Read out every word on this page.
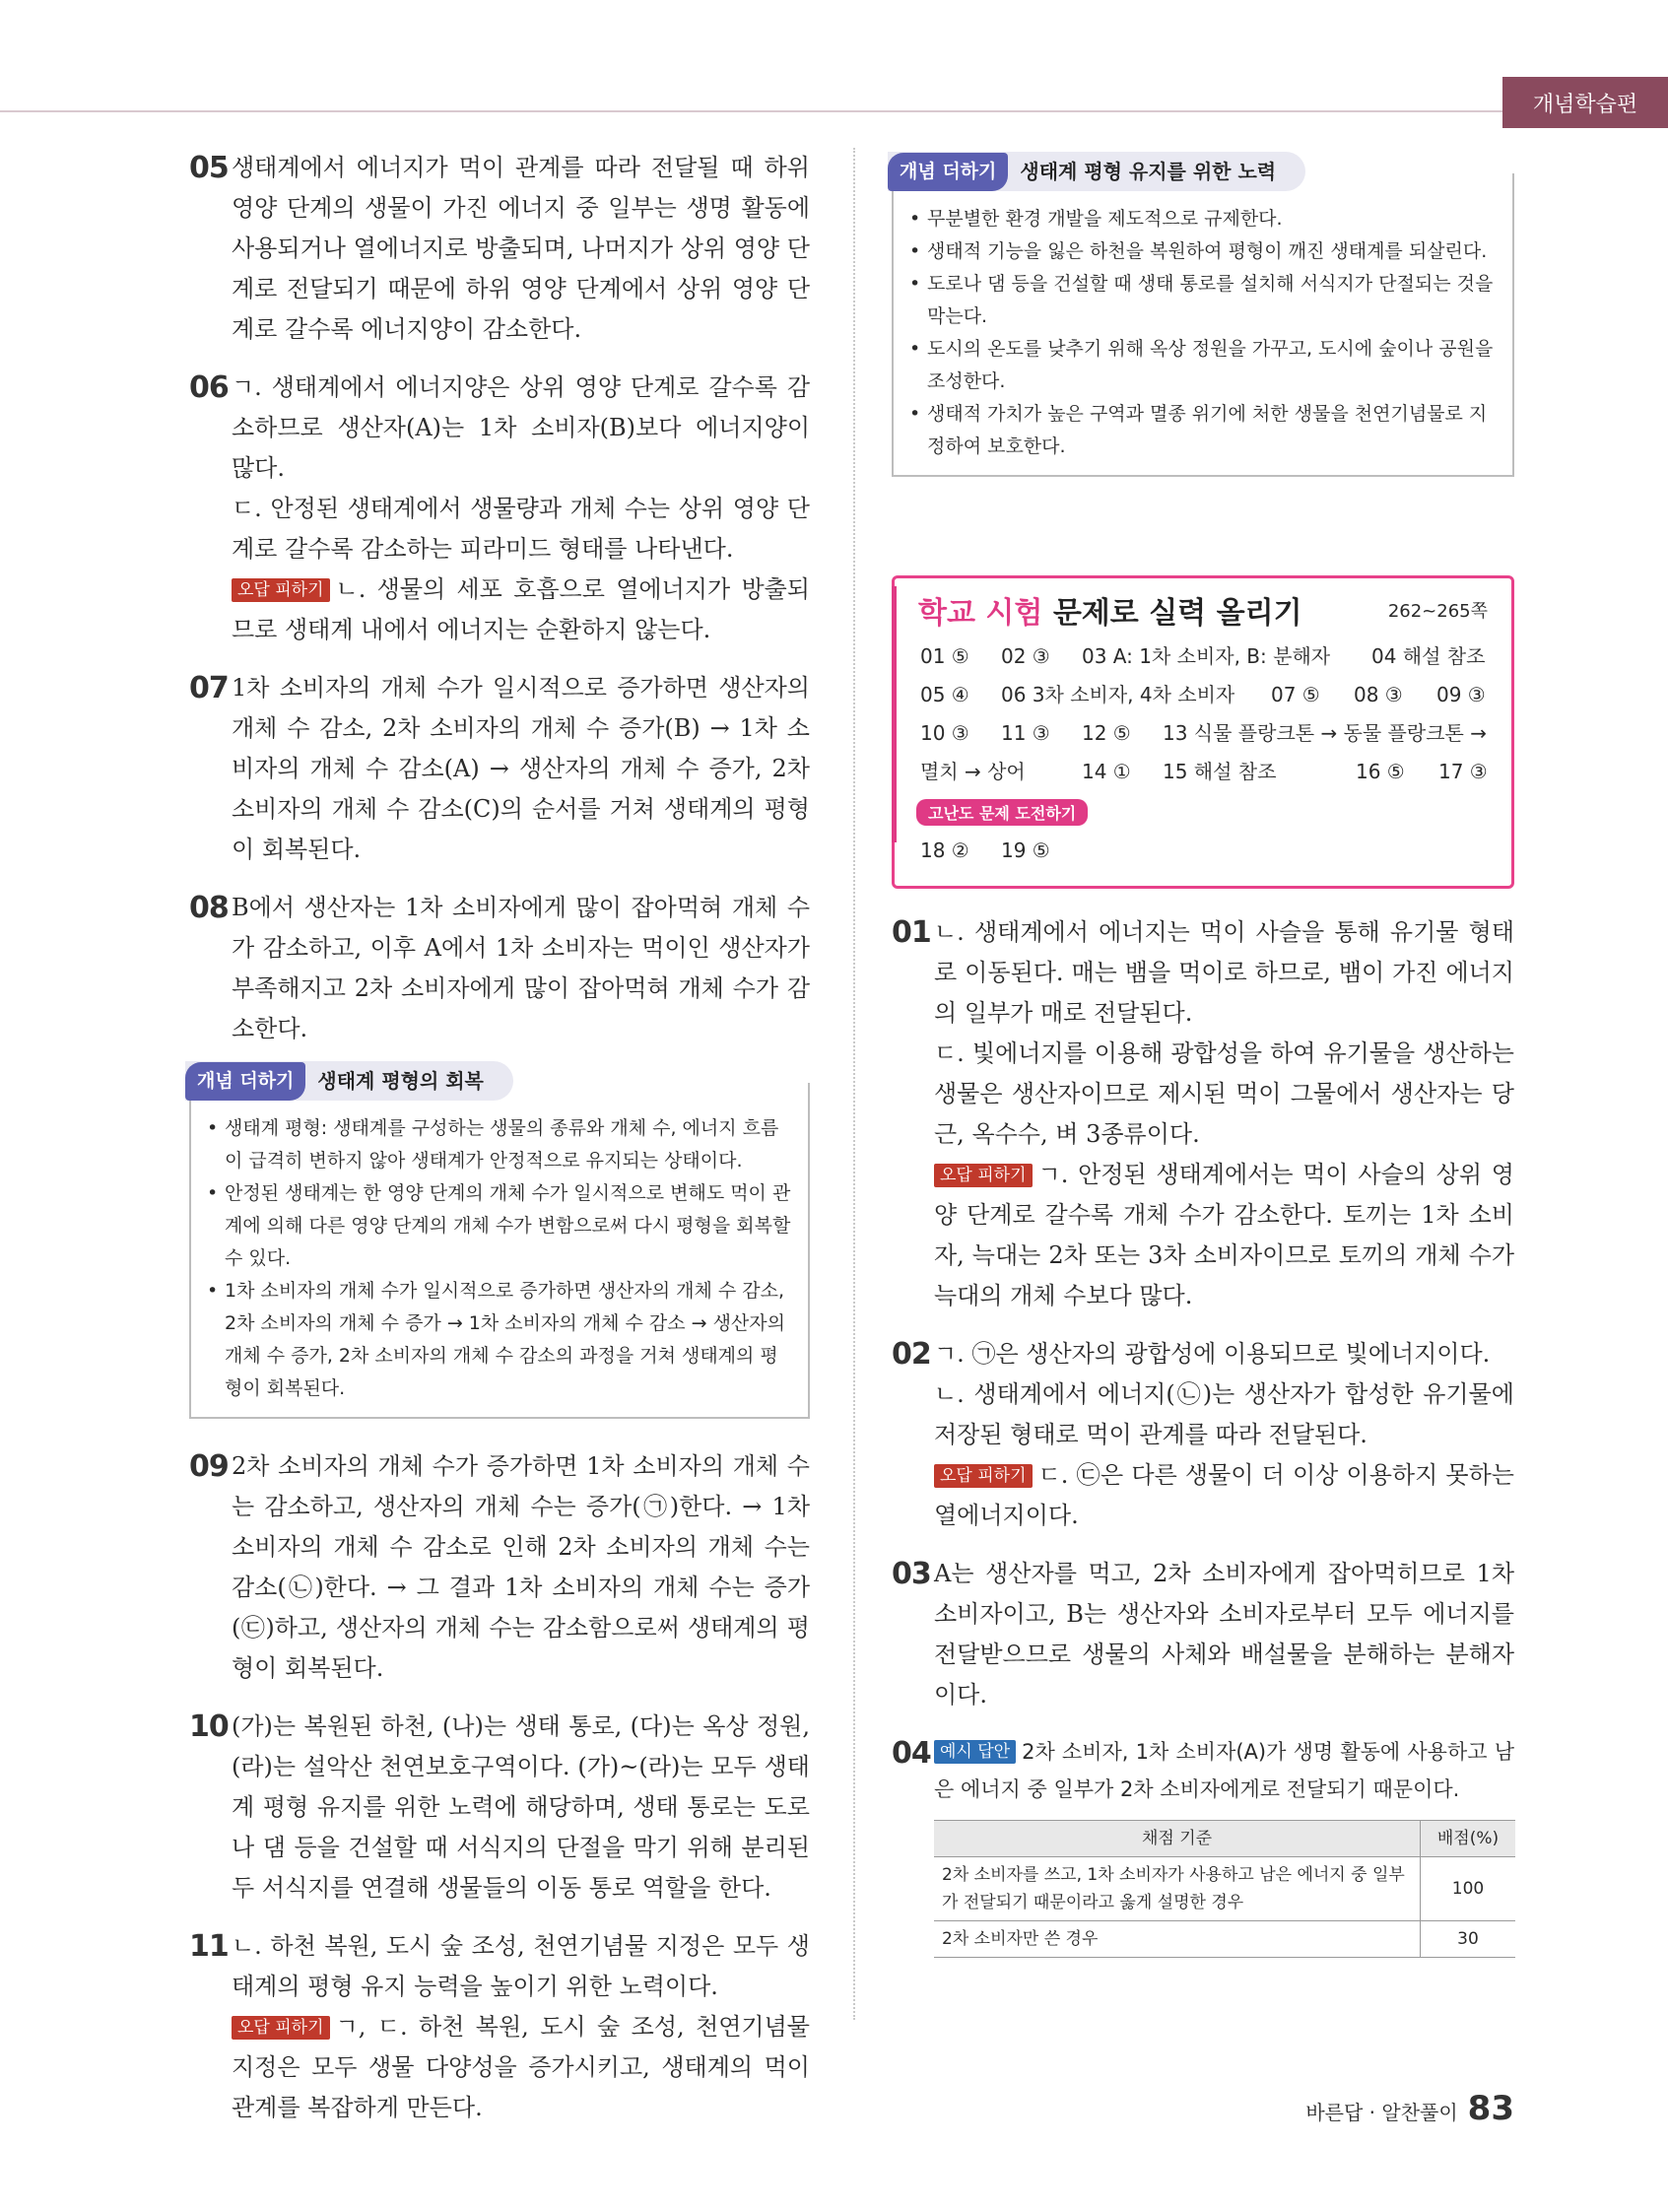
개념학습편
05 생태계에서 에너지가 먹이 관계를 따라 전달될 때 하위 영양 단계의 생물이 가진 에너지 중 일부는 생명 활동에 사용되거나 열에너지로 방출되며, 나머지가 상위 영양 단계로 전달되기 때문에 하위 영양 단계에서 상위 영양 단계로 갈수록 에너지양이 감소한다.

06 ㄱ. 생태계에서 에너지양은 상위 영양 단계로 갈수록 감소하므로 생산자(A)는 1차 소비자(B)보다 에너지양이 많다.

ㄷ. 안정된 생태계에서 생물량과 개체 수는 상위 영양 단계로 갈수록 감소하는 피라미드 형태를 나타낸다.

오답 피하기 ㄴ. 생물의 세포 호흡으로 열에너지가 방출되므로 생태계 내에서 에너지는 순환하지 않는다.

07 1차 소비자의 개체 수가 일시적으로 증가하면 생산자의 개체 수 감소, 2차 소비자의 개체 수 증가(B) → 1차 소비자의 개체 수 감소(A) → 생산자의 개체 수 증가, 2차 소비자의 개체 수 감소(C)의 순서를 거쳐 생태계의 평형이 회복된다.

08 B에서 생산자는 1차 소비자에게 많이 잡아먹혀 개체 수가 감소하고, 이후 A에서 1차 소비자는 먹이인 생산자가 부족해지고 2차 소비자에게 많이 잡아먹혀 개체 수가 감소한다.

개념 더하기	생태계 평형의 회복
• 생태계 평형: 생태계를 구성하는 생물의 종류와 개체 수, 에너지 흐름이 급격히 변하지 않아 생태계가 안정적으로 유지되는 상태이다.
• 안정된 생태계는 한 영양 단계의 개체 수가 일시적으로 변해도 먹이 관계에 의해 다른 영양 단계의 개체 수가 변함으로써 다시 평형을 회복할 수 있다.
• 1차 소비자의 개체 수가 일시적으로 증가하면 생산자의 개체 수 감소, 2차 소비자의 개체 수 증가 → 1차 소비자의 개체 수 감소 → 생산자의 개체 수 증가, 2차 소비자의 개체 수 감소의 과정을 거쳐 생태계의 평형이 회복된다.
09 2차 소비자의 개체 수가 증가하면 1차 소비자의 개체 수는 감소하고, 생산자의 개체 수는 증가(㉠)한다. → 1차 소비자의 개체 수 감소로 인해 2차 소비자의 개체 수는 감소(㉡)한다. → 그 결과 1차 소비자의 개체 수는 증가(㉢)하고, 생산자의 개체 수는 감소함으로써 생태계의 평형이 회복된다.

10 (가)는 복원된 하천, (나)는 생태 통로, (다)는 옥상 정원, (라)는 설악산 천연보호구역이다. (가)~(라)는 모두 생태계 평형 유지를 위한 노력에 해당하며, 생태 통로는 도로나 댐 등을 건설할 때 서식지의 단절을 막기 위해 분리된 두 서식지를 연결해 생물들의 이동 통로 역할을 한다.

11 ㄴ. 하천 복원, 도시 숲 조성, 천연기념물 지정은 모두 생태계의 평형 유지 능력을 높이기 위한 노력이다.

오답 피하기 ㄱ, ㄷ. 하천 복원, 도시 숲 조성, 천연기념물 지정은 모두 생물 다양성을 증가시키고, 생태계의 먹이 관계를 복잡하게 만든다.

개념 더하기	생태계 평형 유지를 위한 노력
• 무분별한 환경 개발을 제도적으로 규제한다.
• 생태적 기능을 잃은 하천을 복원하여 평형이 깨진 생태계를 되살린다.
• 도로나 댐 등을 건설할 때 생태 통로를 설치해 서식지가 단절되는 것을 막는다.
• 도시의 온도를 낮추기 위해 옥상 정원을 가꾸고, 도시에 숲이나 공원을 조성한다.
• 생태적 가치가 높은 구역과 멸종 위기에 처한 생물을 천연기념물로 지정하여 보호한다.
학교 시험 문제로 실력 올리기	262~265쪽
01 ⑤	02 ③	03 A: 1차 소비자, B: 분해자	04 해설 참조
05 ④	06 3차 소비자, 4차 소비자	07 ⑤	08 ③	09 ③
10 ③	11 ③	12 ⑤	13 식물 플랑크톤 → 동물 플랑크톤 →
멸치 → 상어	14 ①	15 해설 참조	16 ⑤	17 ③
고난도 문제 도전하기
18 ②	19 ⑤
01 ㄴ. 생태계에서 에너지는 먹이 사슬을 통해 유기물 형태로 이동된다. 매는 뱀을 먹이로 하므로, 뱀이 가진 에너지의 일부가 매로 전달된다.

ㄷ. 빛에너지를 이용해 광합성을 하여 유기물을 생산하는 생물은 생산자이므로 제시된 먹이 그물에서 생산자는 당근, 옥수수, 벼 3종류이다.

오답 피하기 ㄱ. 안정된 생태계에서는 먹이 사슬의 상위 영양 단계로 갈수록 개체 수가 감소한다. 토끼는 1차 소비자, 늑대는 2차 또는 3차 소비자이므로 토끼의 개체 수가 늑대의 개체 수보다 많다.

02 ㄱ. ㉠은 생산자의 광합성에 이용되므로 빛에너지이다.

ㄴ. 생태계에서 에너지(㉡)는 생산자가 합성한 유기물에 저장된 형태로 먹이 관계를 따라 전달된다.

오답 피하기 ㄷ. ㉢은 다른 생물이 더 이상 이용하지 못하는 열에너지이다.

03 A는 생산자를 먹고, 2차 소비자에게 잡아먹히므로 1차 소비자이고, B는 생산자와 소비자로부터 모두 에너지를 전달받으므로 생물의 사체와 배설물을 분해하는 분해자이다.

04 예시 답안 2차 소비자, 1차 소비자(A)가 생명 활동에 사용하고 남은 에너지 중 일부가 2차 소비자에게로 전달되기 때문이다.

채점 기준	배점(%)
2차 소비자를 쓰고, 1차 소비자가 사용하고 남은 에너지 중 일부가 전달되기 때문이라고 옳게 설명한 경우	100
2차 소비자만 쓴 경우	30
바른답 · 알찬풀이 83
